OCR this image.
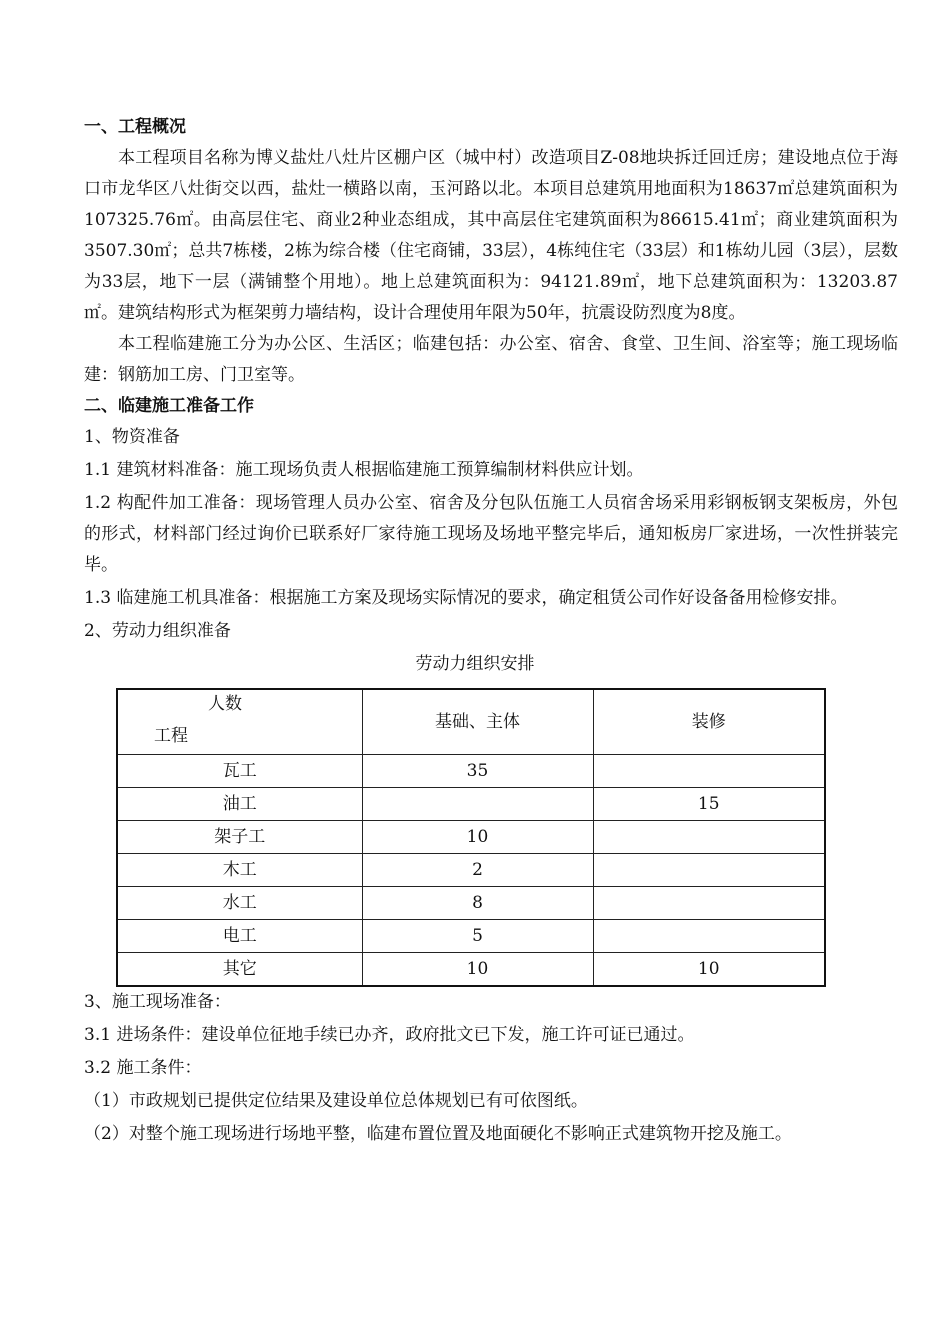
一、工程概况

本工程项目名称为博义盐灶八灶片区棚户区（城中村）改造项目Z-08地块拆迁回迁房；建设地点位于海口市龙华区八灶街交以西，盐灶一横路以南，玉河路以北。本项目总建筑用地面积为18637㎡总建筑面积为107325.76㎡。由高层住宅、商业2种业态组成，其中高层住宅建筑面积为86615.41㎡；商业建筑面积为3507.30㎡；总共7栋楼，2栋为综合楼（住宅商铺，33层），4栋纯住宅（33层）和1栋幼儿园（3层），层数为33层，地下一层（满铺整个用地）。地上总建筑面积为：94121.89㎡，地下总建筑面积为：13203.87㎡。建筑结构形式为框架剪力墙结构，设计合理使用年限为50年，抗震设防烈度为8度。

本工程临建施工分为办公区、生活区；临建包括：办公室、宿舍、食堂、卫生间、浴室等；施工现场临建：钢筋加工房、门卫室等。

二、临建施工准备工作

1、物资准备

1.1 建筑材料准备：施工现场负责人根据临建施工预算编制材料供应计划。

1.2 构配件加工准备：现场管理人员办公室、宿舍及分包队伍施工人员宿舍场采用彩钢板钢支架板房，外包的形式，材料部门经过询价已联系好厂家待施工现场及场地平整完毕后，通知板房厂家进场，一次性拼装完毕。

1.3 临建施工机具准备：根据施工方案及现场实际情况的要求，确定租赁公司作好设备备用检修安排。

2、劳动力组织准备

劳动力组织安排

人数
工程	基础、主体	装修
瓦工	35	
油工		15
架子工	10	
木工	2	
水工	8	
电工	5	
其它	10	10

3、施工现场准备：

3.1 进场条件：建设单位征地手续已办齐，政府批文已下发，施工许可证已通过。

3.2 施工条件：

（1）市政规划已提供定位结果及建设单位总体规划已有可依图纸。

（2）对整个施工现场进行场地平整，临建布置位置及地面硬化不影响正式建筑物开挖及施工。
